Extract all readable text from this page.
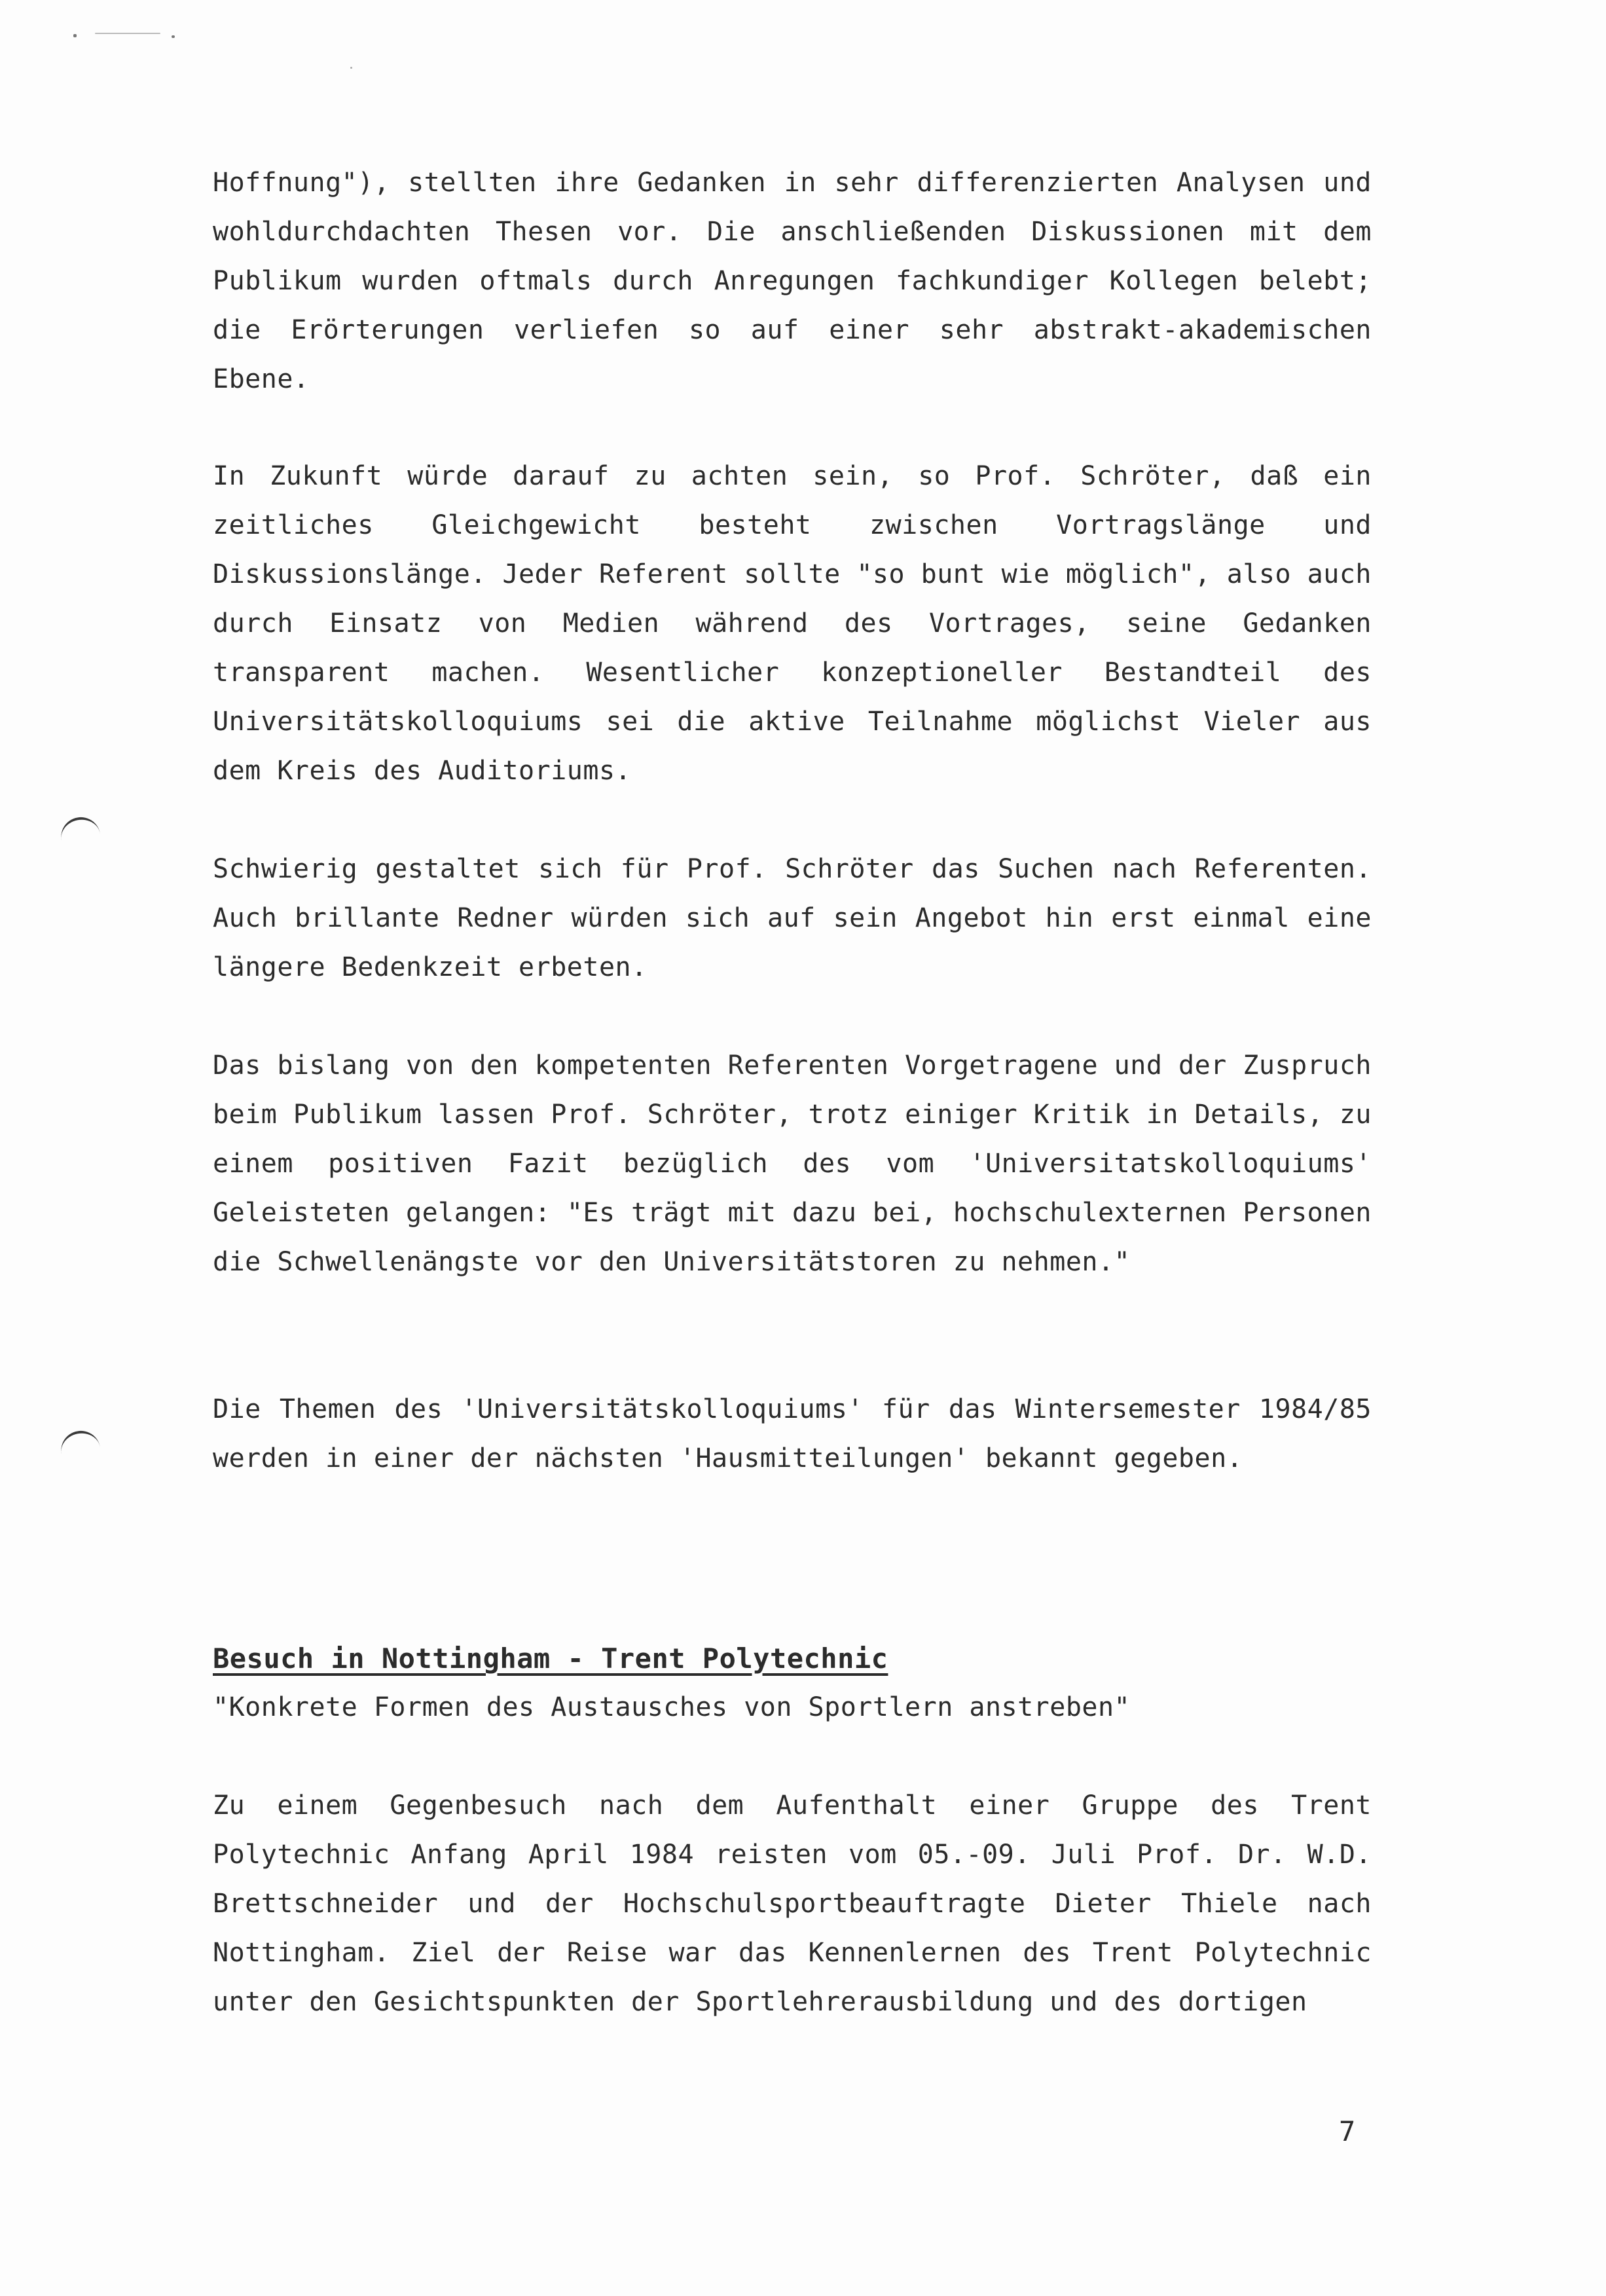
Hoffnung"), stellten ihre Gedanken in sehr differenzierten Analysen und wohldurchdachten Thesen vor. Die anschließenden Diskussionen mit dem Publikum wurden oftmals durch Anregungen fachkundiger Kollegen belebt; die Erörterungen verliefen so auf einer sehr abstrakt-akademischen Ebene.

In Zukunft würde darauf zu achten sein, so Prof. Schröter, daß ein zeitliches Gleichgewicht besteht zwischen Vortragslänge und Diskussionslänge. Jeder Referent sollte "so bunt wie möglich", also auch durch Einsatz von Medien während des Vortrages, seine Gedanken transparent machen. Wesentlicher konzeptioneller Bestandteil des Universitätskolloquiums sei die aktive Teilnahme möglichst Vieler aus dem Kreis des Auditoriums.

Schwierig gestaltet sich für Prof. Schröter das Suchen nach Referenten. Auch brillante Redner würden sich auf sein Angebot hin erst einmal eine längere Bedenkzeit erbeten.

Das bislang von den kompetenten Referenten Vorgetragene und der Zuspruch beim Publikum lassen Prof. Schröter, trotz einiger Kritik in Details, zu einem positiven Fazit bezüglich des vom 'Universitatskolloquiums' Geleisteten gelangen: "Es trägt mit dazu bei, hochschulexternen Personen die Schwellenängste vor den Universitätstoren zu nehmen."

Die Themen des 'Universitätskolloquiums' für das Wintersemester 1984/85 werden in einer der nächsten 'Hausmitteilungen' bekannt gegeben.

Besuch in Nottingham - Trent Polytechnic
"Konkrete Formen des Austausches von Sportlern anstreben"

Zu einem Gegenbesuch nach dem Aufenthalt einer Gruppe des Trent Polytechnic Anfang April 1984 reisten vom 05.-09. Juli Prof. Dr. W.D. Brettschneider und der Hochschulsportbeauftragte Dieter Thiele nach Nottingham. Ziel der Reise war das Kennenlernen des Trent Polytechnic unter den Gesichtspunkten der Sportlehrerausbildung und des dortigen

7
